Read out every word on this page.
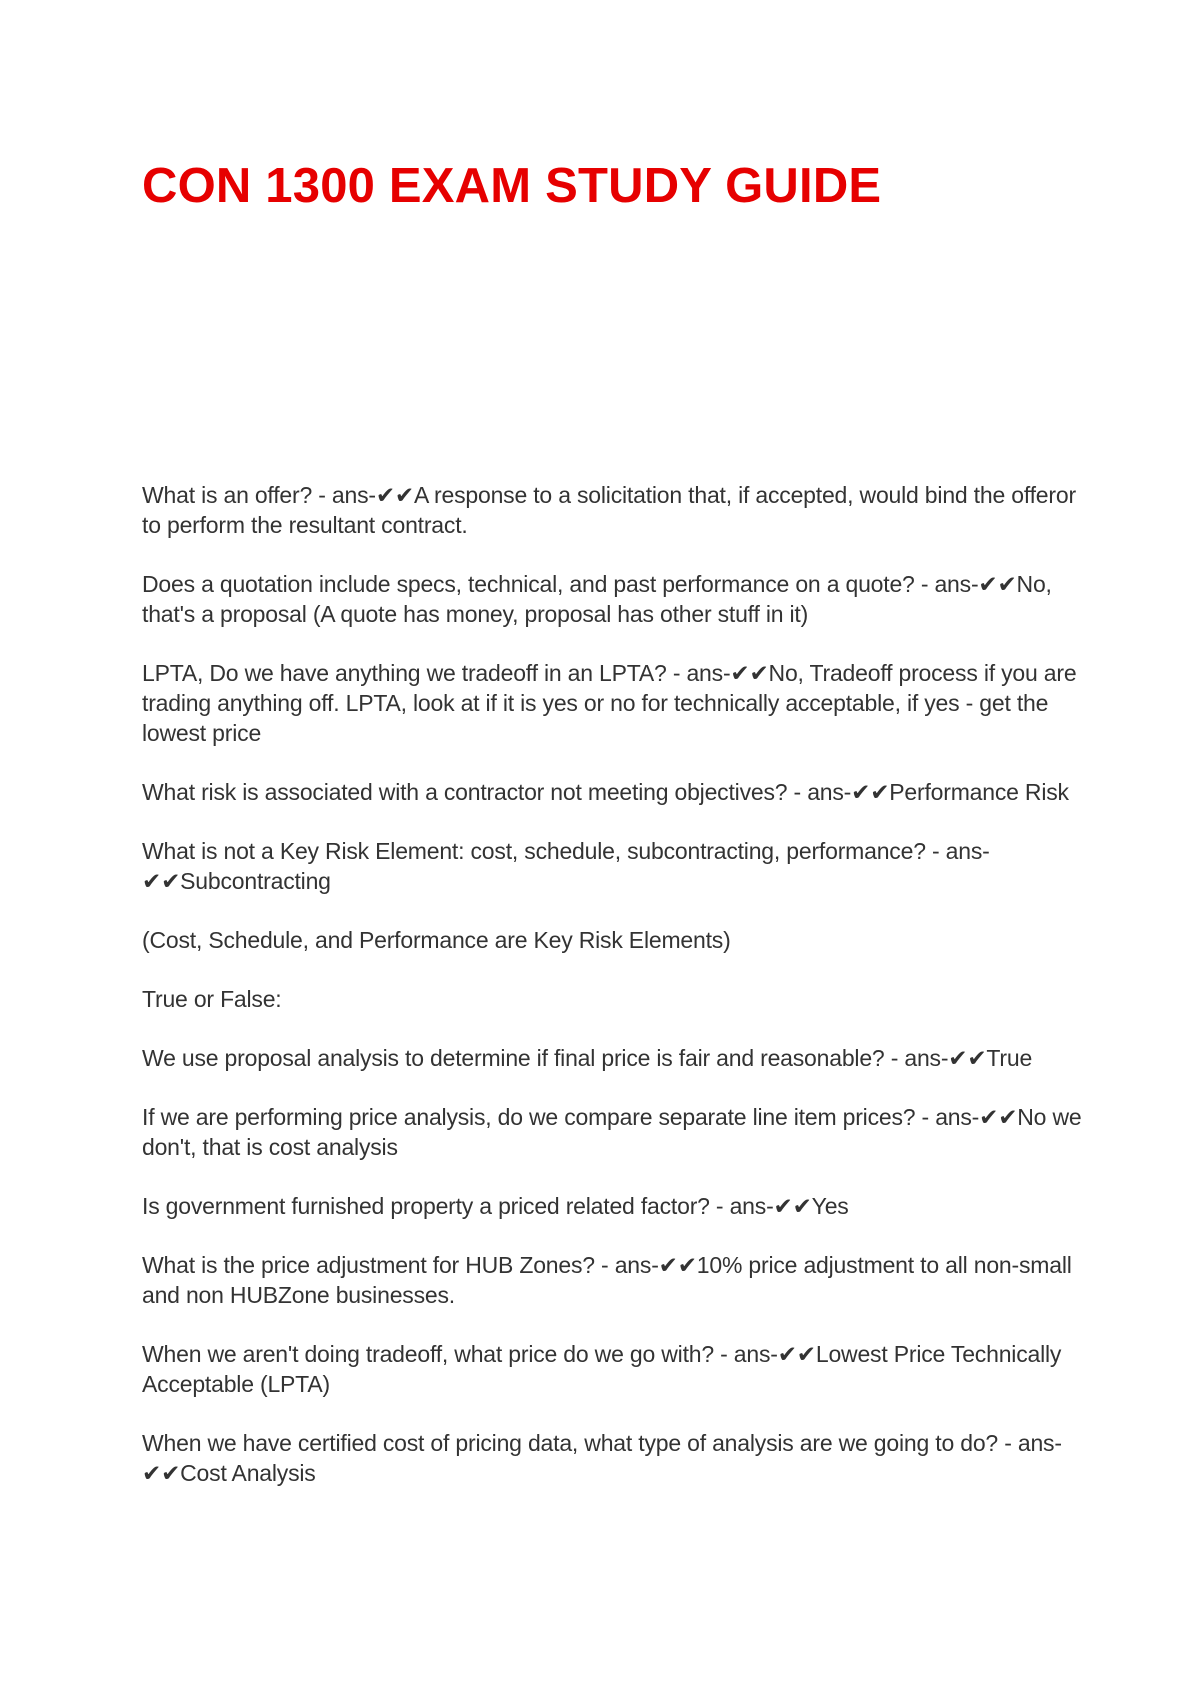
CON 1300 EXAM STUDY GUIDE

What is an offer? - ans-✔✔A response to a solicitation that, if accepted, would bind the offeror to perform the resultant contract.

Does a quotation include specs, technical, and past performance on a quote? - ans-✔✔No, that's a proposal (A quote has money, proposal has other stuff in it)

LPTA, Do we have anything we tradeoff in an LPTA? - ans-✔✔No, Tradeoff process if you are trading anything off. LPTA, look at if it is yes or no for technically acceptable, if yes - get the lowest price

What risk is associated with a contractor not meeting objectives? - ans-✔✔Performance Risk

What is not a Key Risk Element: cost, schedule, subcontracting, performance? - ans-✔✔Subcontracting

(Cost, Schedule, and Performance are Key Risk Elements)

True or False:

We use proposal analysis to determine if final price is fair and reasonable? - ans-✔✔True

If we are performing price analysis, do we compare separate line item prices? - ans-✔✔No we don't, that is cost analysis

Is government furnished property a priced related factor? - ans-✔✔Yes

What is the price adjustment for HUB Zones? - ans-✔✔10% price adjustment to all non-small and non HUBZone businesses.

When we aren't doing tradeoff, what price do we go with? - ans-✔✔Lowest Price Technically Acceptable (LPTA)

When we have certified cost of pricing data, what type of analysis are we going to do? - ans-✔✔Cost Analysis
